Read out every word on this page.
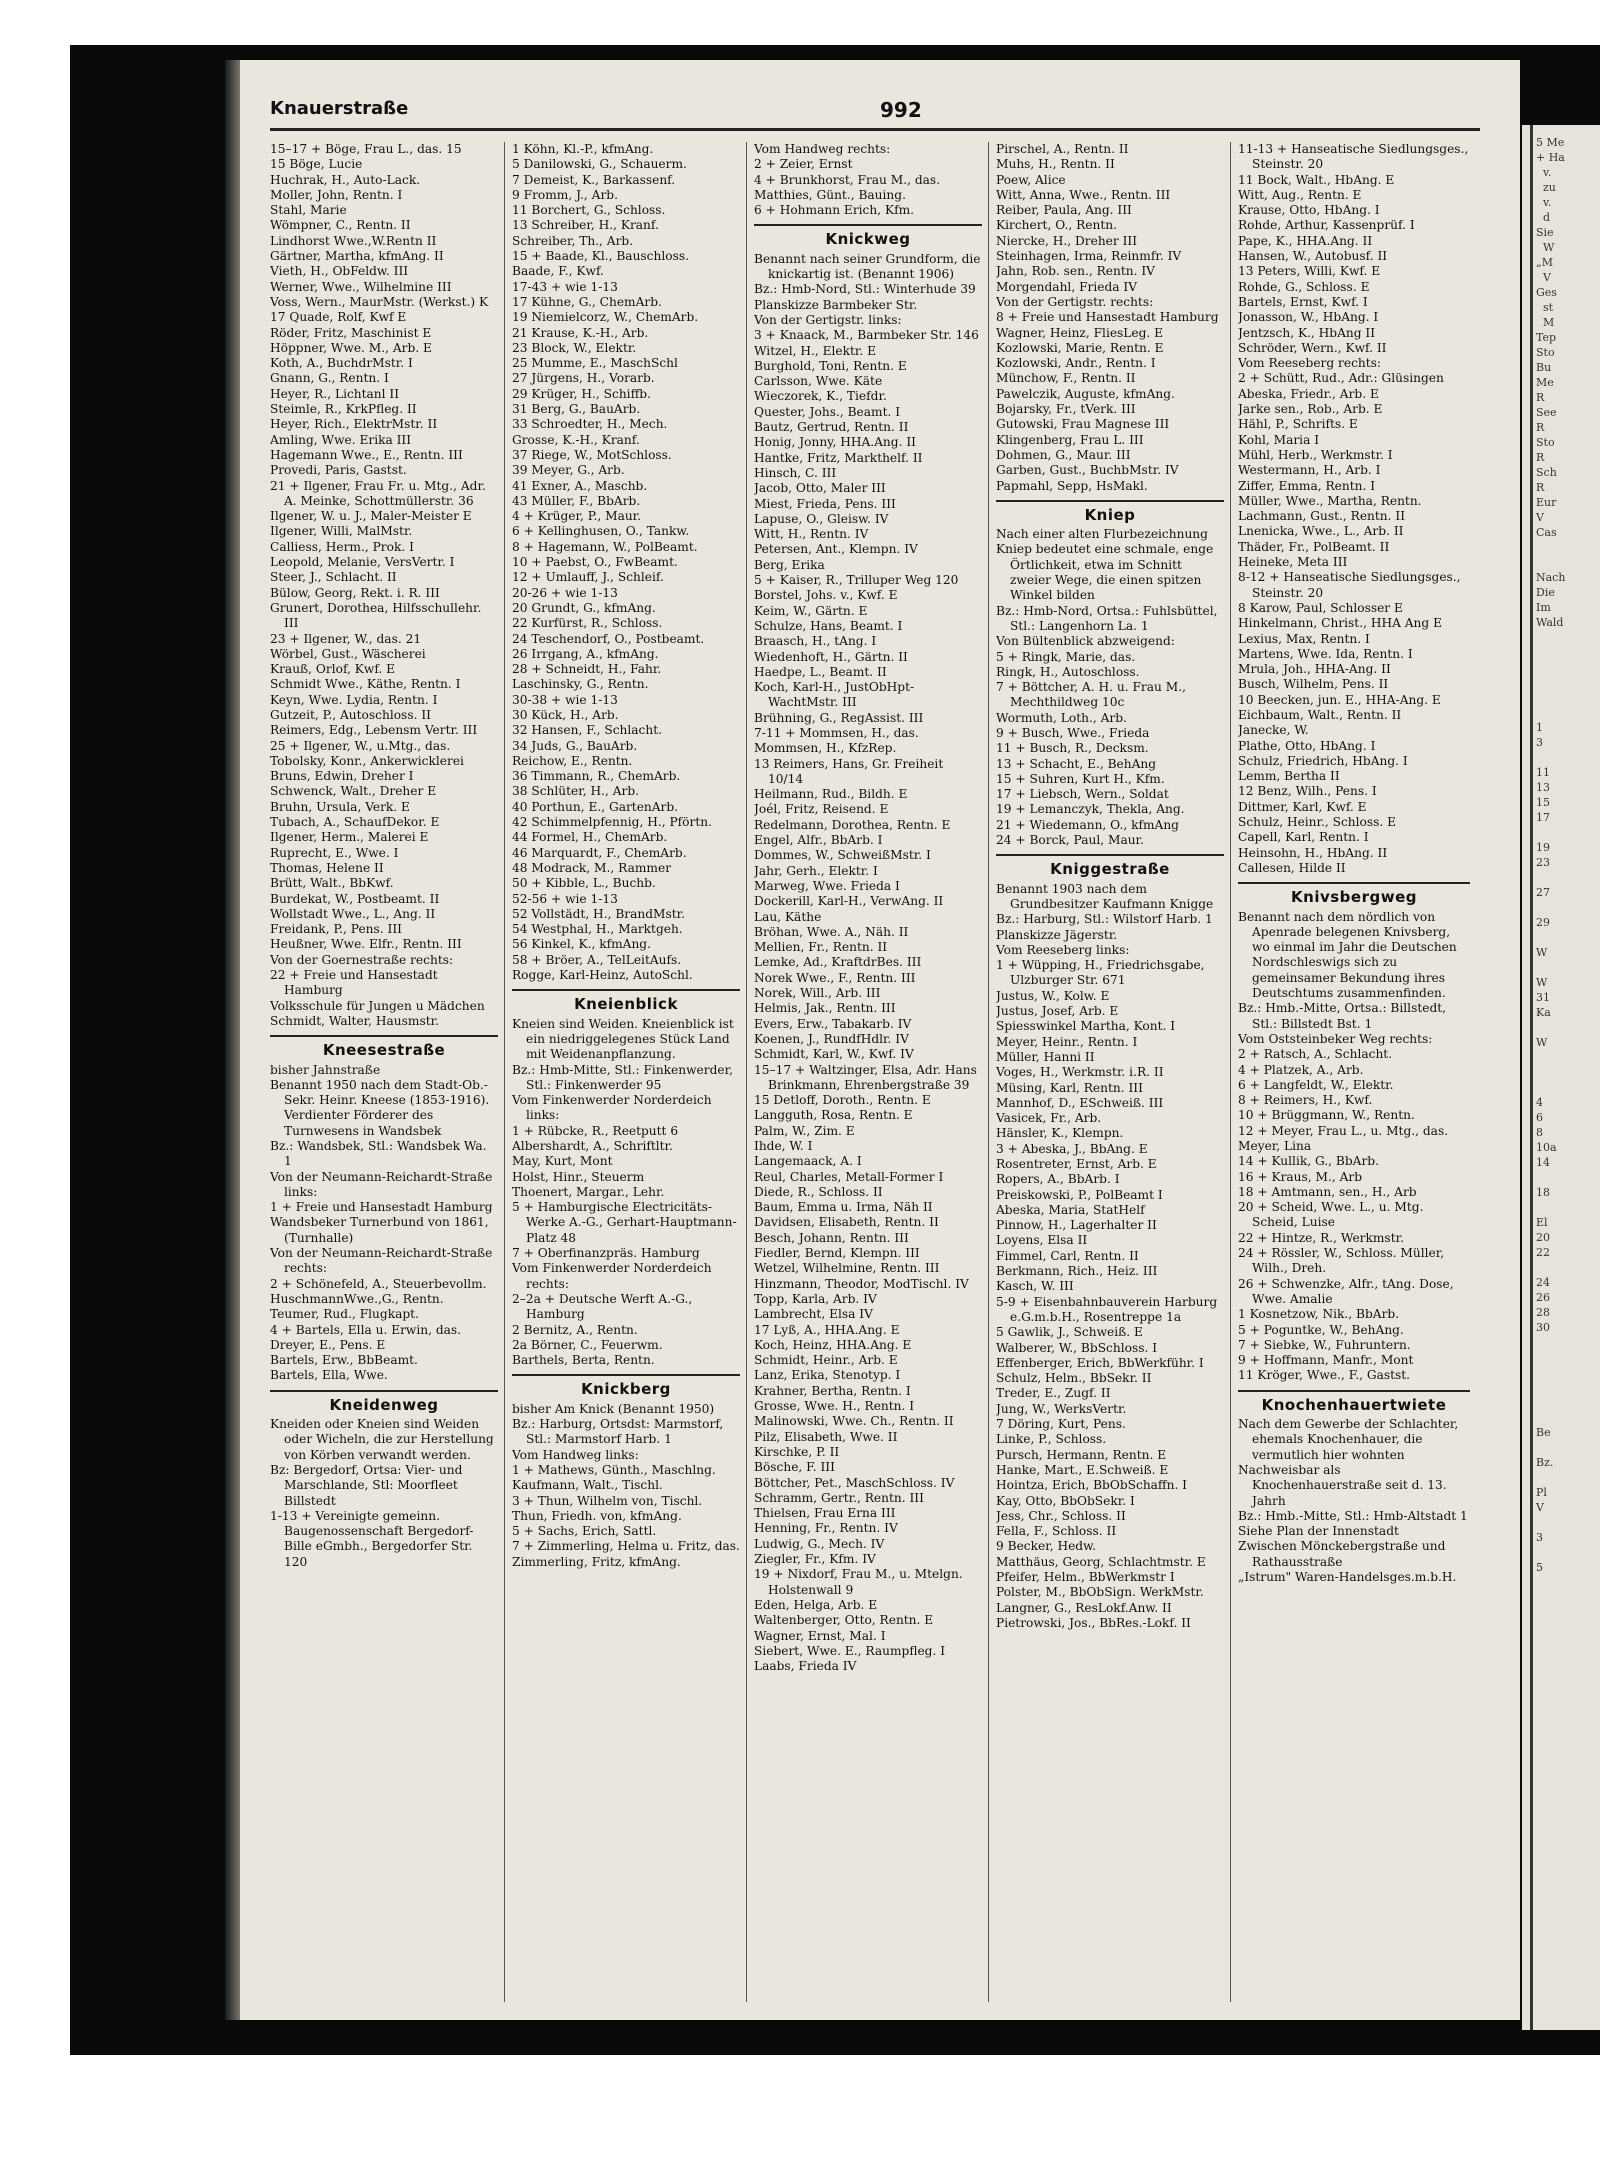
5 Me
+ Ha
v.
zu
v.
d
Sie
W
„M
V
Ges
st
M
Tep
Sto
Bu
Me
R
See
R
Sto
R
Sch
R
Eur
V
Cas

Nach
Die
Im
Wald

1
3

11
13
15
17

19
23

27

29

W

W
31
Ka

W

4
6
8
10a
14

18

El
20
22

24
26
28
30

Be

Bz.

Pl
V

3

5
Knauerstraße	992

15–17 + Böge, Frau L., das. 15

15 Böge, Lucie

Huchrak, H., Auto-Lack.

Moller, John, Rentn. I

Stahl, Marie

Wömpner, C., Rentn. II

Lindhorst Wwe.,W.Rentn II

Gärtner, Martha, kfmAng. II

Vieth, H., ObFeldw. III

Werner, Wwe., Wilhelmine III

Voss, Wern., MaurMstr. (Werkst.) K

17 Quade, Rolf, Kwf E

Röder, Fritz, Maschinist E

Höppner, Wwe. M., Arb. E

Koth, A., BuchdrMstr. I

Gnann, G., Rentn. I

Heyer, R., Lichtanl II

Steimle, R., KrkPfleg. II

Heyer, Rich., ElektrMstr. II

Amling, Wwe. Erika III

Hagemann Wwe., E., Rentn. III

Provedi, Paris, Gastst.

21 + Ilgener, Frau Fr. u. Mtg., Adr. A. Meinke, Schottmüllerstr. 36

Ilgener, W. u. J., Maler-Meister E

Ilgener, Willi, MalMstr.

Calliess, Herm., Prok. I

Leopold, Melanie, VersVertr. I

Steer, J., Schlacht. II

Bülow, Georg, Rekt. i. R. III

Grunert, Dorothea, Hilfsschullehr. III

23 + Ilgener, W., das. 21

Wörbel, Gust., Wäscherei

Krauß, Orlof, Kwf. E

Schmidt Wwe., Käthe, Rentn. I

Keyn, Wwe. Lydia, Rentn. I

Gutzeit, P., Autoschloss. II

Reimers, Edg., Lebensm Vertr. III

25 + Ilgener, W., u.Mtg., das.

Tobolsky, Konr., Ankerwicklerei

Bruns, Edwin, Dreher I

Schwenck, Walt., Dreher E

Bruhn, Ursula, Verk. E

Tubach, A., SchaufDekor. E

Ilgener, Herm., Malerei E

Ruprecht, E., Wwe. I

Thomas, Helene II

Brütt, Walt., BbKwf.

Burdekat, W., Postbeamt. II

Wollstadt Wwe., L., Ang. II

Freidank, P., Pens. III

Heußner, Wwe. Elfr., Rentn. III

Von der Goernestraße rechts:

22 + Freie und Hansestadt Hamburg

Volksschule für Jungen u Mädchen

Schmidt, Walter, Hausmstr.

Kneesestraße

bisher Jahnstraße

Benannt 1950 nach dem Stadt-Ob.-Sekr. Heinr. Kneese (1853-1916). Verdienter Förderer des Turnwesens in Wandsbek

Bz.: Wandsbek, Stl.: Wandsbek Wa. 1

Von der Neumann-Reichardt-Straße links:

1 + Freie und Hansestadt Hamburg

Wandsbeker Turnerbund von 1861, (Turnhalle)

Von der Neumann-Reichardt-Straße rechts:

2 + Schönefeld, A., Steuerbevollm.

HuschmannWwe.,G., Rentn.

Teumer, Rud., Flugkapt.

4 + Bartels, Ella u. Erwin, das.

Dreyer, E., Pens. E

Bartels, Erw., BbBeamt.

Bartels, Ella, Wwe.

Kneidenweg

Kneiden oder Kneien sind Weiden oder Wicheln, die zur Herstellung von Körben verwandt werden.

Bz: Bergedorf, Ortsa: Vier- und Marschlande, Stl: Moorfleet Billstedt

1-13 + Vereinigte gemeinn. Baugenossenschaft Bergedorf-Bille eGmbh., Bergedorfer Str. 120

1 Köhn, Kl.-P., kfmAng.

5 Danilowski, G., Schauerm.

7 Demeist, K., Barkassenf.

9 Fromm, J., Arb.

11 Borchert, G., Schloss.

13 Schreiber, H., Kranf.

Schreiber, Th., Arb.

15 + Baade, Kl., Bauschloss.

Baade, F., Kwf.

17-43 + wie 1-13

17 Kühne, G., ChemArb.

19 Niemielcorz, W., ChemArb.

21 Krause, K.-H., Arb.

23 Block, W., Elektr.

25 Mumme, E., MaschSchl

27 Jürgens, H., Vorarb.

29 Krüger, H., Schiffb.

31 Berg, G., BauArb.

33 Schroedter, H., Mech.

Grosse, K.-H., Kranf.

37 Riege, W., MotSchloss.

39 Meyer, G., Arb.

41 Exner, A., Maschb.

43 Müller, F., BbArb.

4 + Krüger, P., Maur.

6 + Kellinghusen, O., Tankw.

8 + Hagemann, W., PolBeamt.

10 + Paebst, O., FwBeamt.

12 + Umlauff, J., Schleif.

20-26 + wie 1-13

20 Grundt, G., kfmAng.

22 Kurfürst, R., Schloss.

24 Teschendorf, O., Postbeamt.

26 Irrgang, A., kfmAng.

28 + Schneidt, H., Fahr.

Laschinsky, G., Rentn.

30-38 + wie 1-13

30 Kück, H., Arb.

32 Hansen, F., Schlacht.

34 Juds, G., BauArb.

Reichow, E., Rentn.

36 Timmann, R., ChemArb.

38 Schlüter, H., Arb.

40 Porthun, E., GartenArb.

42 Schimmelpfennig, H., Pförtn.

44 Formel, H., ChemArb.

46 Marquardt, F., ChemArb.

48 Modrack, M., Rammer

50 + Kibble, L., Buchb.

52-56 + wie 1-13

52 Vollstädt, H., BrandMstr.

54 Westphal, H., Marktgeh.

56 Kinkel, K., kfmAng.

58 + Bröer, A., TelLeitAufs.

Rogge, Karl-Heinz, AutoSchl.

Kneienblick

Kneien sind Weiden. Kneienblick ist ein niedriggelegenes Stück Land mit Weidenanpflanzung.

Bz.: Hmb-Mitte, Stl.: Finkenwerder, Stl.: Finkenwerder 95

Vom Finkenwerder Norderdeich links:

1 + Rübcke, R., Reetputt 6

Albershardt, A., Schriftltr.

May, Kurt, Mont

Holst, Hinr., Steuerm

Thoenert, Margar., Lehr.

5 + Hamburgische Electricitäts-Werke A.-G., Gerhart-Hauptmann-Platz 48

7 + Oberfinanzpräs. Hamburg

Vom Finkenwerder Norderdeich rechts:

2–2a + Deutsche Werft A.-G., Hamburg

2 Bernitz, A., Rentn.

2a Börner, C., Feuerwm.

Barthels, Berta, Rentn.

Knickberg

bisher Am Knick (Benannt 1950)

Bz.: Harburg, Ortsdst: Marmstorf, Stl.: Marmstorf Harb. 1

Vom Handweg links:

1 + Mathews, Günth., Maschlng.

Kaufmann, Walt., Tischl.

3 + Thun, Wilhelm von, Tischl.

Thun, Friedh. von, kfmAng.

5 + Sachs, Erich, Sattl.

7 + Zimmerling, Helma u. Fritz, das.

Zimmerling, Fritz, kfmAng.

Vom Handweg rechts:

2 + Zeier, Ernst

4 + Brunkhorst, Frau M., das.

Matthies, Günt., Bauing.

6 + Hohmann Erich, Kfm.

Knickweg

Benannt nach seiner Grundform, die knickartig ist. (Benannt 1906)

Bz.: Hmb-Nord, Stl.: Winterhude 39

Planskizze Barmbeker Str.

Von der Gertigstr. links:

3 + Knaack, M., Barmbeker Str. 146

Witzel, H., Elektr. E

Burghold, Toni, Rentn. E

Carlsson, Wwe. Käte

Wieczorek, K., Tiefdr.

Quester, Johs., Beamt. I

Bautz, Gertrud, Rentn. II

Honig, Jonny, HHA.Ang. II

Hantke, Fritz, Markthelf. II

Hinsch, C. III

Jacob, Otto, Maler III

Miest, Frieda, Pens. III

Lapuse, O., Gleisw. IV

Witt, H., Rentn. IV

Petersen, Ant., Klempn. IV

Berg, Erika

5 + Kaiser, R., Trilluper Weg 120

Borstel, Johs. v., Kwf. E

Keim, W., Gärtn. E

Schulze, Hans, Beamt. I

Braasch, H., tAng. I

Wiedenhoft, H., Gärtn. II

Haedpe, L., Beamt. II

Koch, Karl-H., JustObHpt-WachtMstr. III

Brühning, G., RegAssist. III

7-11 + Mommsen, H., das.

Mommsen, H., KfzRep.

13 Reimers, Hans, Gr. Freiheit 10/14

Heilmann, Rud., Bildh. E

Joél, Fritz, Reisend. E

Redelmann, Dorothea, Rentn. E

Engel, Alfr., BbArb. I

Dommes, W., SchweißMstr. I

Jahr, Gerh., Elektr. I

Marweg, Wwe. Frieda I

Dockerill, Karl-H., VerwAng. II

Lau, Käthe

Bröhan, Wwe. A., Näh. II

Mellien, Fr., Rentn. II

Lemke, Ad., KraftdrBes. III

Norek Wwe., F., Rentn. III

Norek, Will., Arb. III

Helmis, Jak., Rentn. III

Evers, Erw., Tabakarb. IV

Koenen, J., RundfHdlr. IV

Schmidt, Karl, W., Kwf. IV

15–17 + Waltzinger, Elsa, Adr. Hans Brinkmann, Ehrenbergstraße 39

15 Detloff, Doroth., Rentn. E

Langguth, Rosa, Rentn. E

Palm, W., Zim. E

Ihde, W. I

Langemaack, A. I

Reul, Charles, Metall-Former I

Diede, R., Schloss. II

Baum, Emma u. Irma, Näh II

Davidsen, Elisabeth, Rentn. II

Besch, Johann, Rentn. III

Fiedler, Bernd, Klempn. III

Wetzel, Wilhelmine, Rentn. III

Hinzmann, Theodor, ModTischl. IV

Topp, Karla, Arb. IV

Lambrecht, Elsa IV

17 Lyß, A., HHA.Ang. E

Koch, Heinz, HHA.Ang. E

Schmidt, Heinr., Arb. E

Lanz, Erika, Stenotyp. I

Krahner, Bertha, Rentn. I

Grosse, Wwe. H., Rentn. I

Malinowski, Wwe. Ch., Rentn. II

Pilz, Elisabeth, Wwe. II

Kirschke, P. II

Bösche, F. III

Böttcher, Pet., MaschSchloss. IV

Schramm, Gertr., Rentn. III

Thielsen, Frau Erna III

Henning, Fr., Rentn. IV

Ludwig, G., Mech. IV

Ziegler, Fr., Kfm. IV

19 + Nixdorf, Frau M., u. Mtelgn. Holstenwall 9

Eden, Helga, Arb. E

Waltenberger, Otto, Rentn. E

Wagner, Ernst, Mal. I

Siebert, Wwe. E., Raumpfleg. I

Laabs, Frieda IV

Pirschel, A., Rentn. II

Muhs, H., Rentn. II

Poew, Alice

Witt, Anna, Wwe., Rentn. III

Reiber, Paula, Ang. III

Kirchert, O., Rentn.

Niercke, H., Dreher III

Steinhagen, Irma, Reinmfr. IV

Jahn, Rob. sen., Rentn. IV

Morgendahl, Frieda IV

Von der Gertigstr. rechts:

8 + Freie und Hansestadt Hamburg

Wagner, Heinz, FliesLeg. E

Kozlowski, Marie, Rentn. E

Kozlowski, Andr., Rentn. I

Münchow, F., Rentn. II

Pawelczik, Auguste, kfmAng.

Bojarsky, Fr., tVerk. III

Gutowski, Frau Magnese III

Klingenberg, Frau L. III

Dohmen, G., Maur. III

Garben, Gust., BuchbMstr. IV

Papmahl, Sepp, HsMakl.

Kniep

Nach einer alten Flurbezeichnung

Kniep bedeutet eine schmale, enge Örtlichkeit, etwa im Schnitt zweier Wege, die einen spitzen Winkel bilden

Bz.: Hmb-Nord, Ortsa.: Fuhlsbüttel, Stl.: Langenhorn La. 1

Von Bültenblick abzweigend:

5 + Ringk, Marie, das.

Ringk, H., Autoschloss.

7 + Böttcher, A. H. u. Frau M., Mechthildweg 10c

Wormuth, Loth., Arb.

9 + Busch, Wwe., Frieda

11 + Busch, R., Decksm.

13 + Schacht, E., BehAng

15 + Suhren, Kurt H., Kfm.

17 + Liebsch, Wern., Soldat

19 + Lemanczyk, Thekla, Ang.

21 + Wiedemann, O., kfmAng

24 + Borck, Paul, Maur.

Kniggestraße

Benannt 1903 nach dem Grundbesitzer Kaufmann Knigge

Bz.: Harburg, Stl.: Wilstorf Harb. 1

Planskizze Jägerstr.

Vom Reeseberg links:

1 + Wüpping, H., Friedrichsgabe, Ulzburger Str. 671

Justus, W., Kolw. E

Justus, Josef, Arb. E

Spiesswinkel Martha, Kont. I

Meyer, Heinr., Rentn. I

Müller, Hanni II

Voges, H., Werkmstr. i.R. II

Müsing, Karl, Rentn. III

Mannhof, D., ESchweiß. III

Vasicek, Fr., Arb.

Hänsler, K., Klempn.

3 + Abeska, J., BbAng. E

Rosentreter, Ernst, Arb. E

Ropers, A., BbArb. I

Preiskowski, P., PolBeamt I

Abeska, Maria, StatHelf

Pinnow, H., Lagerhalter II

Loyens, Elsa II

Fimmel, Carl, Rentn. II

Berkmann, Rich., Heiz. III

Kasch, W. III

5-9 + Eisenbahnbauverein Harburg e.G.m.b.H., Rosentreppe 1a

5 Gawlik, J., Schweiß. E

Walberer, W., BbSchloss. I

Effenberger, Erich, BbWerkführ. I

Schulz, Helm., BbSekr. II

Treder, E., Zugf. II

Jung, W., WerksVertr.

7 Döring, Kurt, Pens.

Linke, P., Schloss.

Pursch, Hermann, Rentn. E

Hanke, Mart., E.Schweiß. E

Hointza, Erich, BbObSchaffn. I

Kay, Otto, BbObSekr. I

Jess, Chr., Schloss. II

Fella, F., Schloss. II

9 Becker, Hedw.

Matthäus, Georg, Schlachtmstr. E

Pfeifer, Helm., BbWerkmstr I

Polster, M., BbObSign. WerkMstr.

Langner, G., ResLokf.Anw. II

Pietrowski, Jos., BbRes.-Lokf. II

11-13 + Hanseatische Siedlungsges., Steinstr. 20

11 Bock, Walt., HbAng. E

Witt, Aug., Rentn. E

Krause, Otto, HbAng. I

Rohde, Arthur, Kassenprüf. I

Pape, K., HHA.Ang. II

Hansen, W., Autobusf. II

13 Peters, Willi, Kwf. E

Rohde, G., Schloss. E

Bartels, Ernst, Kwf. I

Jonasson, W., HbAng. I

Jentzsch, K., HbAng II

Schröder, Wern., Kwf. II

Vom Reeseberg rechts:

2 + Schütt, Rud., Adr.: Glüsingen

Abeska, Friedr., Arb. E

Jarke sen., Rob., Arb. E

Hähl, P., Schrifts. E

Kohl, Maria I

Mühl, Herb., Werkmstr. I

Westermann, H., Arb. I

Ziffer, Emma, Rentn. I

Müller, Wwe., Martha, Rentn.

Lachmann, Gust., Rentn. II

Lnenicka, Wwe., L., Arb. II

Thäder, Fr., PolBeamt. II

Heineke, Meta III

8-12 + Hanseatische Siedlungsges., Steinstr. 20

8 Karow, Paul, Schlosser E

Hinkelmann, Christ., HHA Ang E

Lexius, Max, Rentn. I

Martens, Wwe. Ida, Rentn. I

Mrula, Joh., HHA-Ang. II

Busch, Wilhelm, Pens. II

10 Beecken, jun. E., HHA-Ang. E

Eichbaum, Walt., Rentn. II

Janecke, W.

Plathe, Otto, HbAng. I

Schulz, Friedrich, HbAng. I

Lemm, Bertha II

12 Benz, Wilh., Pens. I

Dittmer, Karl, Kwf. E

Schulz, Heinr., Schloss. E

Capell, Karl, Rentn. I

Heinsohn, H., HbAng. II

Callesen, Hilde II

Knivsbergweg

Benannt nach dem nördlich von Apenrade belegenen Knivsberg, wo einmal im Jahr die Deutschen Nordschleswigs sich zu gemeinsamer Bekundung ihres Deutschtums zusammenfinden.

Bz.: Hmb.-Mitte, Ortsa.: Billstedt, Stl.: Billstedt Bst. 1

Vom Oststeinbeker Weg rechts:

2 + Ratsch, A., Schlacht.

4 + Platzek, A., Arb.

6 + Langfeldt, W., Elektr.

8 + Reimers, H., Kwf.

10 + Brüggmann, W., Rentn.

12 + Meyer, Frau L., u. Mtg., das.

Meyer, Lina

14 + Kullik, G., BbArb.

16 + Kraus, M., Arb

18 + Amtmann, sen., H., Arb

20 + Scheid, Wwe. L., u. Mtg. Scheid, Luise

22 + Hintze, R., Werkmstr.

24 + Rössler, W., Schloss. Müller, Wilh., Dreh.

26 + Schwenzke, Alfr., tAng. Dose, Wwe. Amalie

1 Kosnetzow, Nik., BbArb.

5 + Poguntke, W., BehAng.

7 + Siebke, W., Fuhruntern.

9 + Hoffmann, Manfr., Mont

11 Kröger, Wwe., F., Gastst.

Knochenhauertwiete

Nach dem Gewerbe der Schlachter, ehemals Knochenhauer, die vermutlich hier wohnten

Nachweisbar als Knochenhauerstraße seit d. 13. Jahrh

Bz.: Hmb.-Mitte, Stl.: Hmb-Altstadt 1

Siehe Plan der Innenstadt

Zwischen Mönckebergstraße und Rathausstraße

„Istrum" Waren-Handelsges.m.b.H.
